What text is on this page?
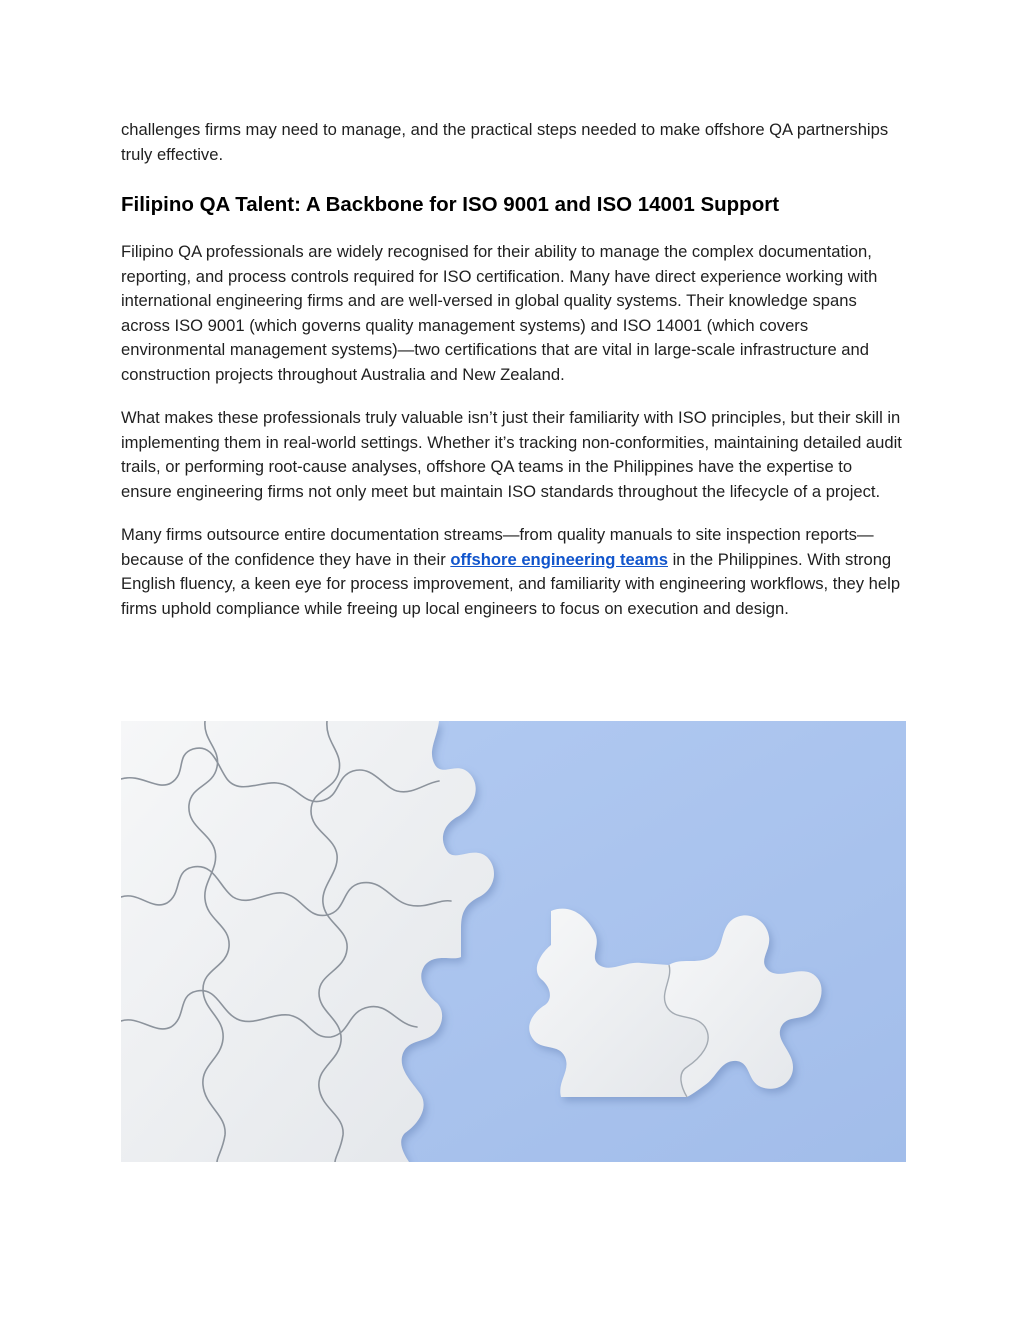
challenges firms may need to manage, and the practical steps needed to make offshore QA partnerships truly effective.

Filipino QA Talent: A Backbone for ISO 9001 and ISO 14001 Support

Filipino QA professionals are widely recognised for their ability to manage the complex documentation, reporting, and process controls required for ISO certification. Many have direct experience working with international engineering firms and are well-versed in global quality systems. Their knowledge spans across ISO 9001 (which governs quality management systems) and ISO 14001 (which covers environmental management systems)—two certifications that are vital in large-scale infrastructure and construction projects throughout Australia and New Zealand.

What makes these professionals truly valuable isn’t just their familiarity with ISO principles, but their skill in implementing them in real-world settings. Whether it’s tracking non-conformities, maintaining detailed audit trails, or performing root-cause analyses, offshore QA teams in the Philippines have the expertise to ensure engineering firms not only meet but maintain ISO standards throughout the lifecycle of a project.

Many firms outsource entire documentation streams—from quality manuals to site inspection reports—because of the confidence they have in their offshore engineering teams in the Philippines. With strong English fluency, a keen eye for process improvement, and familiarity with engineering workflows, they help firms uphold compliance while freeing up local engineers to focus on execution and design.
